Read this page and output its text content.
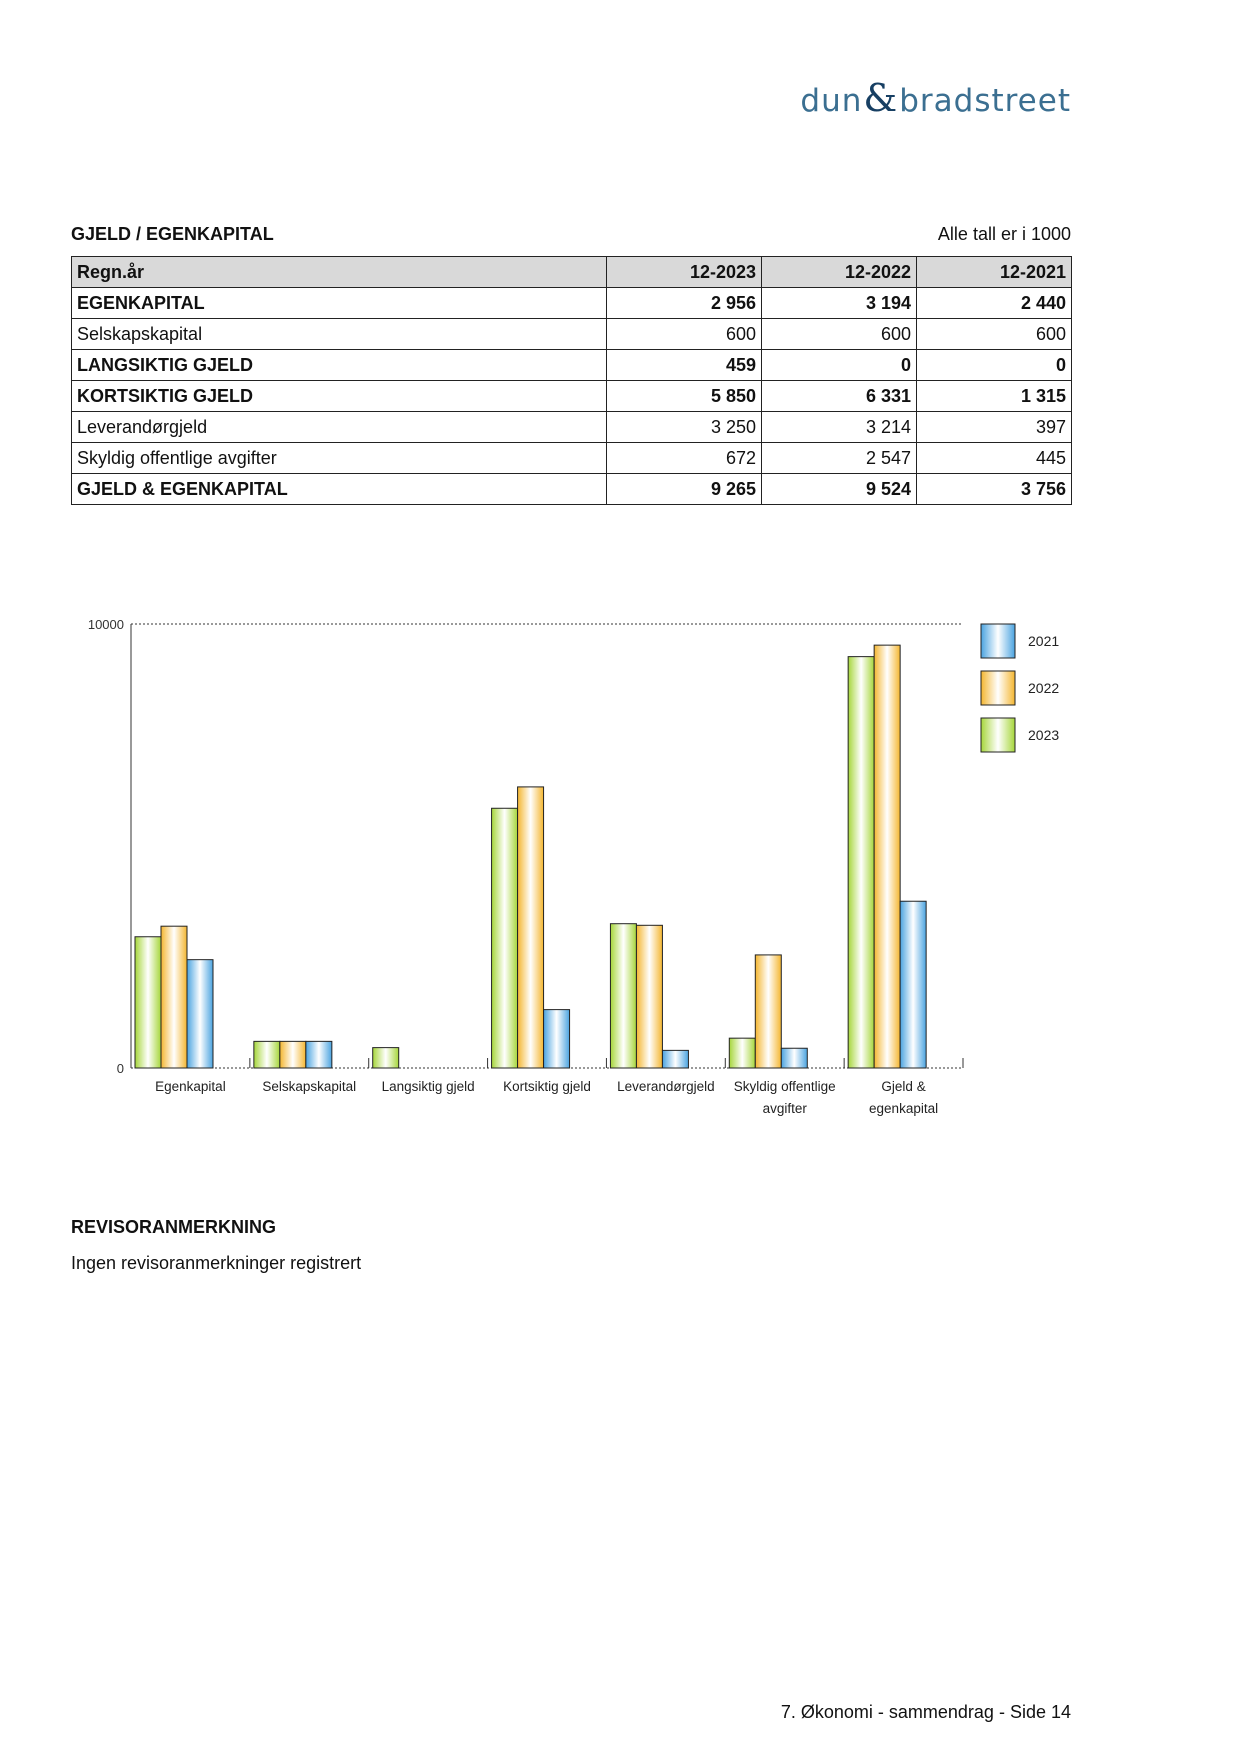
dun&bradstreet
GJELD / EGENKAPITAL	Alle tall er i 1000
Regn.år	12-2023	12-2022	12-2021
EGENKAPITAL	2 956	3 194	2 440
Selskapskapital	600	600	600
LANGSIKTIG GJELD	459	0	0
KORTSIKTIG GJELD	5 850	6 331	1 315
Leverandørgjeld	3 250	3 214	397
Skyldig offentlige avgifter	672	2 547	445
GJELD & EGENKAPITAL	9 265	9 524	3 756
0
10000
Egenkapital	Selskapskapital Langsiktig gjeld Kortsiktig gjeld Leverandørgjeld Skyldig offentlige
avgifter
Gjeld &
egenkapital
2021
2022
2023
REVISORANMERKNING
Ingen revisoranmerkninger registrert
7. Økonomi - sammendrag - Side 14
